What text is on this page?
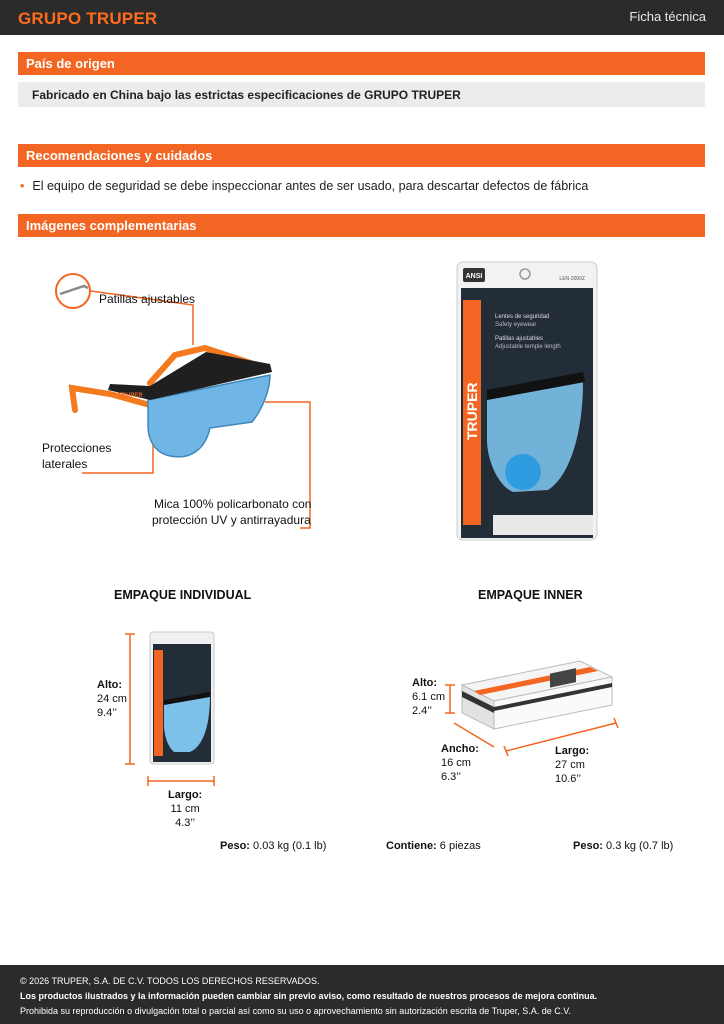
GRUPO TRUPER	Ficha técnica
País de origen
Fabricado en China bajo las estrictas especificaciones de GRUPO TRUPER
Recomendaciones y cuidados
• El equipo de seguridad se debe inspeccionar antes de ser usado, para descartar defectos de fábrica
Imágenes complementarias
TRUPER
Patillas ajustables
Protecciones
laterales
Mica 100% policarbonato con
protección UV y antirrayadura
ANSI	LEN-2000Z
TRUPER
Lentes de seguridad
Safety eyewear
Patillas ajustables
Adjustable temple length
EMPAQUE INDIVIDUAL	EMPAQUE INNER
Alto:
24 cm
9.4’’
Largo:
11 cm
4.3’’
Alto:
6.1 cm
2.4’’
Ancho:
16 cm
6.3’’
Largo:
27 cm
10.6’’
Peso: 0.03 kg (0.1 lb)	Contiene: 6 piezas	Peso: 0.3 kg (0.7 lb)
© 2026 TRUPER, S.A. DE C.V. TODOS LOS DERECHOS RESERVADOS.
Los productos ilustrados y la información pueden cambiar sin previo aviso, como resultado de nuestros procesos de mejora continua.
Prohibida su reproducción o divulgación total o parcial así como su uso o aprovechamiento sin autorización escrita de Truper, S.A. de C.V.
